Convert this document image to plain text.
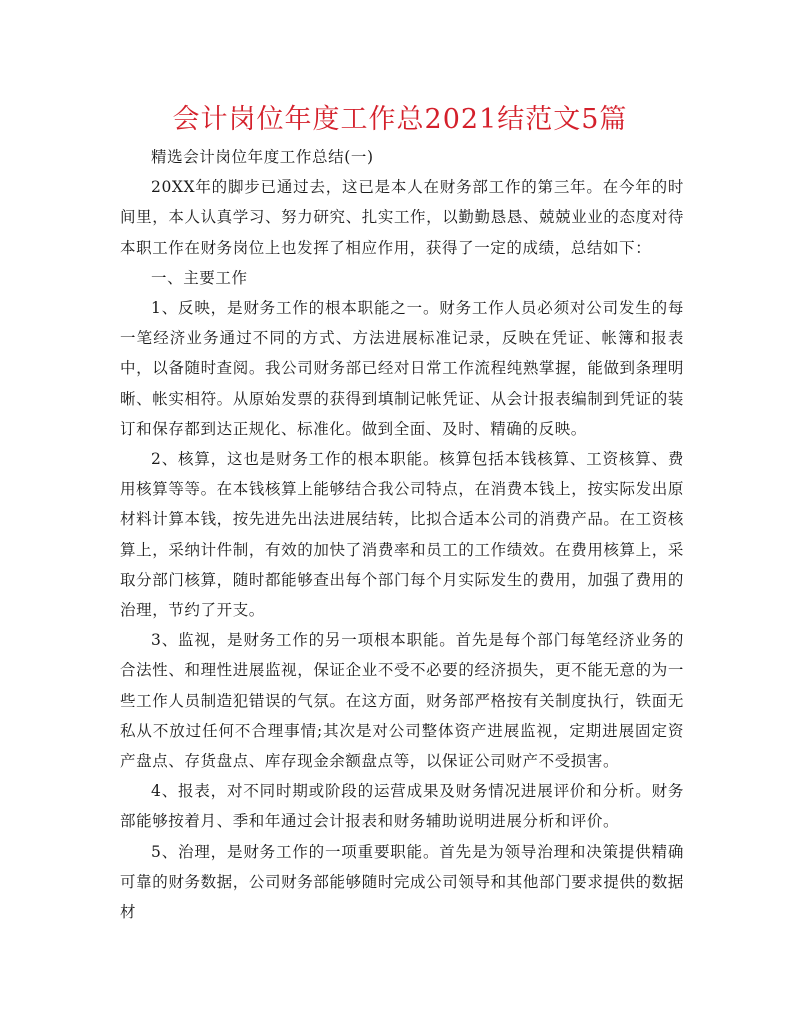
会计岗位年度工作总2021结范文5篇

精选会计岗位年度工作总结(一)

20XX年的脚步已通过去，这已是本人在财务部工作的第三年。在今年的时间里，本人认真学习、努力研究、扎实工作，以勤勤恳恳、兢兢业业的态度对待本职工作在财务岗位上也发挥了相应作用，获得了一定的成绩，总结如下：

一、主要工作

1、反映，是财务工作的根本职能之一。财务工作人员必须对公司发生的每一笔经济业务通过不同的方式、方法进展标准记录，反映在凭证、帐簿和报表中，以备随时查阅。我公司财务部已经对日常工作流程纯熟掌握，能做到条理明晰、帐实相符。从原始发票的获得到填制记帐凭证、从会计报表编制到凭证的装订和保存都到达正规化、标准化。做到全面、及时、精确的反映。

2、核算，这也是财务工作的根本职能。核算包括本钱核算、工资核算、费用核算等等。在本钱核算上能够结合我公司特点，在消费本钱上，按实际发出原材料计算本钱，按先进先出法进展结转，比拟合适本公司的消费产品。在工资核算上，采纳计件制，有效的加快了消费率和员工的工作绩效。在费用核算上，采取分部门核算，随时都能够查出每个部门每个月实际发生的费用，加强了费用的治理，节约了开支。

3、监视，是财务工作的另一项根本职能。首先是每个部门每笔经济业务的合法性、和理性进展监视，保证企业不受不必要的经济损失，更不能无意的为一些工作人员制造犯错误的气氛。在这方面，财务部严格按有关制度执行，铁面无私从不放过任何不合理事情;其次是对公司整体资产进展监视，定期进展固定资产盘点、存货盘点、库存现金余额盘点等，以保证公司财产不受损害。

4、报表，对不同时期或阶段的运营成果及财务情况进展评价和分析。财务部能够按着月、季和年通过会计报表和财务辅助说明进展分析和评价。

5、治理，是财务工作的一项重要职能。首先是为领导治理和决策提供精确可靠的财务数据，公司财务部能够随时完成公司领导和其他部门要求提供的数据材
